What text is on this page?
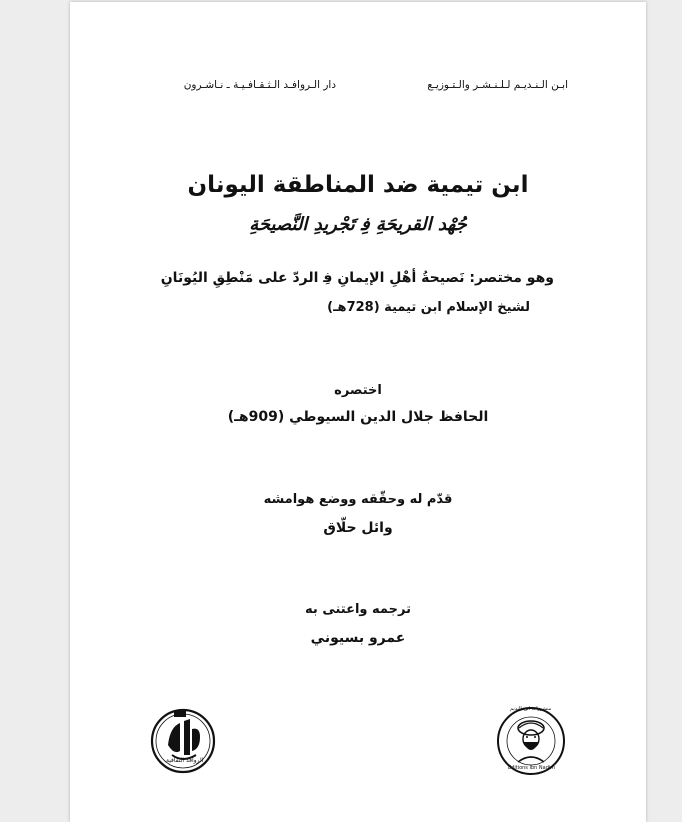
ابـن الـنـديـم لـلـنـشـر والـتـوزيـع
دار الـروافـد الـثـقـافـيـة ـ نـاشـرون
ابن تيمية ضد المناطقة اليونان
جُهْد القريحَةِ ﻓِ تَجْريدِ النَّصيحَةِ
وهو مختصر: نَصيحةُ أهْلِ الإيمانِ ﻓِ الردّ على مَنْطِقِ اليُونَانِ
لشيخ الإسلام ابن تيمية (728هـ)
اختصره
الحافظ جلال الدين السيوطي (909هـ)
قدّم له وحقّقه ووضع هوامشه
وائل حلّاق
ترجمه واعتنى به
عمرو بسيوني
الروافد الثقافية
منشورات ابن النديم
Editions Ibn Nadim
